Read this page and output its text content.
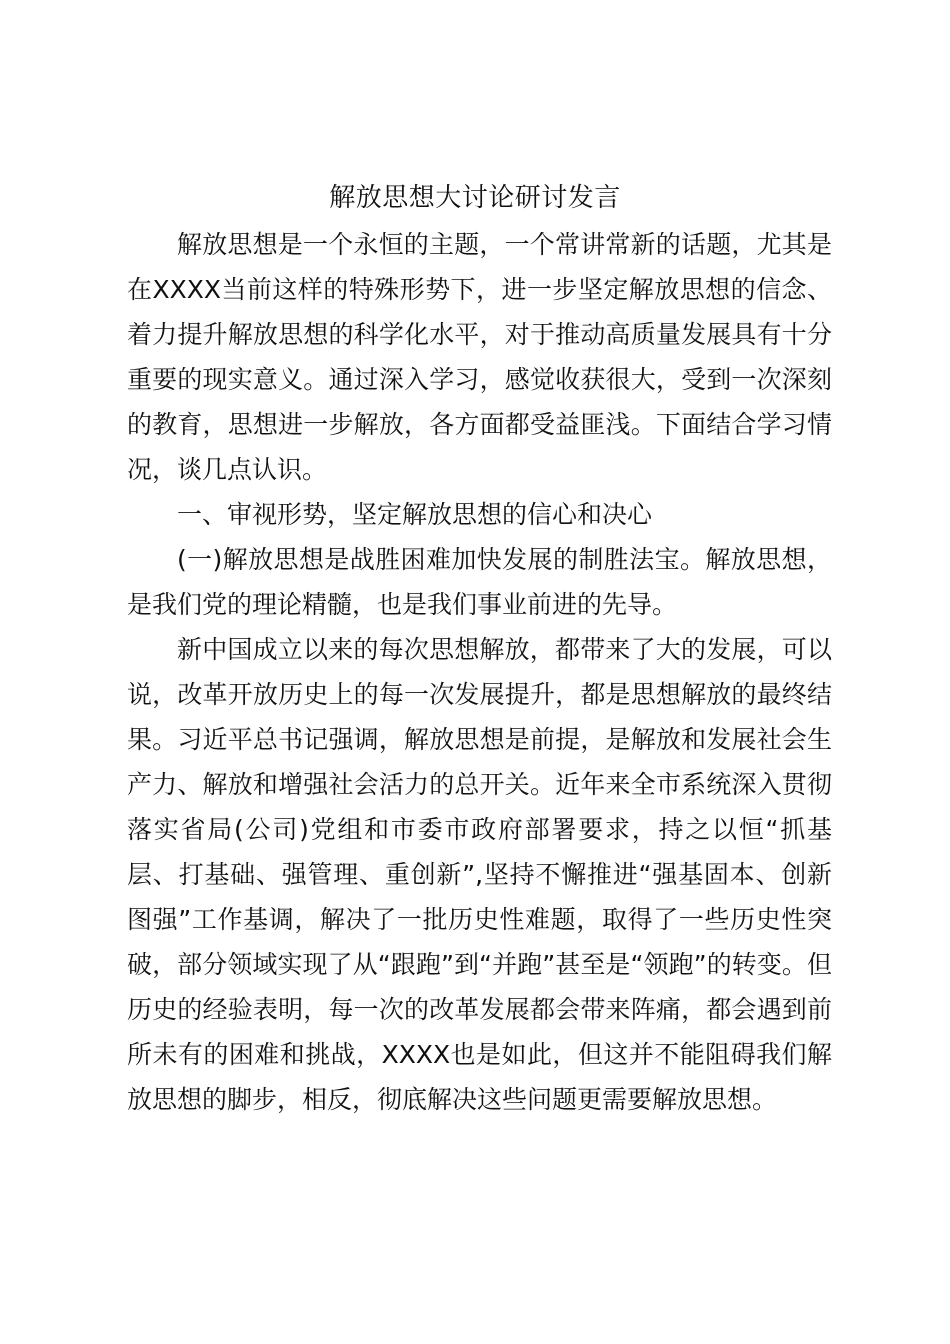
解放思想大讨论研讨发言

解放思想是一个永恒的主题，一个常讲常新的话题，尤其是在XXXX当前这样的特殊形势下，进一步坚定解放思想的信念、着力提升解放思想的科学化水平，对于推动高质量发展具有十分重要的现实意义。通过深入学习，感觉收获很大，受到一次深刻的教育，思想进一步解放，各方面都受益匪浅。下面结合学习情况，谈几点认识。

一、审视形势，坚定解放思想的信心和决心

(一)解放思想是战胜困难加快发展的制胜法宝。解放思想，是我们党的理论精髓，也是我们事业前进的先导。

新中国成立以来的每次思想解放，都带来了大的发展，可以说，改革开放历史上的每一次发展提升，都是思想解放的最终结果。习近平总书记强调，解放思想是前提，是解放和发展社会生产力、解放和增强社会活力的总开关。近年来全市系统深入贯彻落实省局(公司)党组和市委市政府部署要求，持之以恒“抓基层、打基础、强管理、重创新”,坚持不懈推进“强基固本、创新图强”工作基调，解决了一批历史性难题，取得了一些历史性突破，部分领域实现了从“跟跑”到“并跑”甚至是“领跑”的转变。但历史的经验表明，每一次的改革发展都会带来阵痛，都会遇到前所未有的困难和挑战，XXXX也是如此，但这并不能阻碍我们解放思想的脚步，相反，彻底解决这些问题更需要解放思想。
